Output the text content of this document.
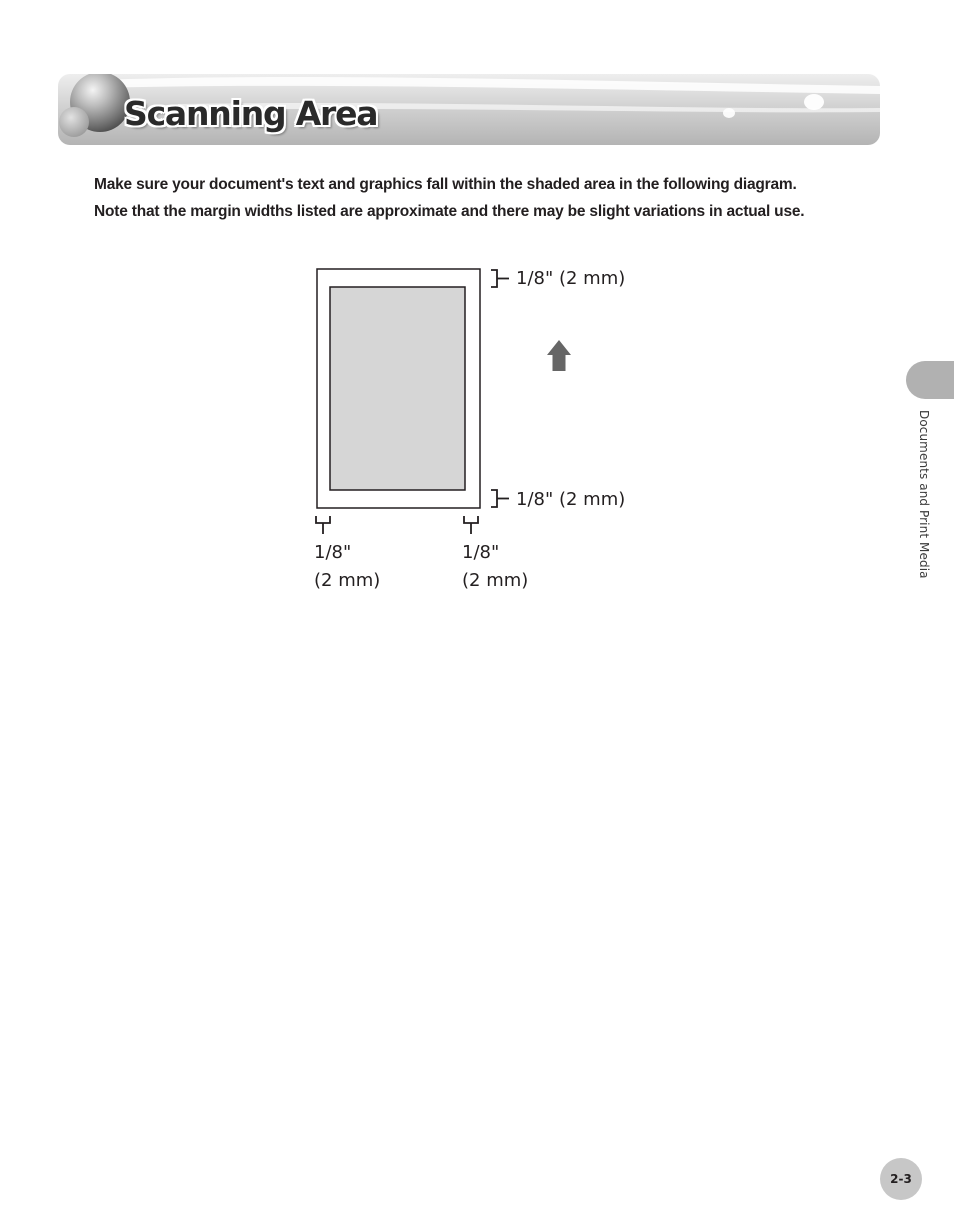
Scanning Area

Make sure your document's text and graphics fall within the shaded area in the following diagram. Note that the margin widths listed are approximate and there may be slight variations in actual use.

1/8" (2 mm)
1/8" (2 mm)
1/8"
(2 mm)
1/8"
(2 mm)
Documents and Print Media
2-3
